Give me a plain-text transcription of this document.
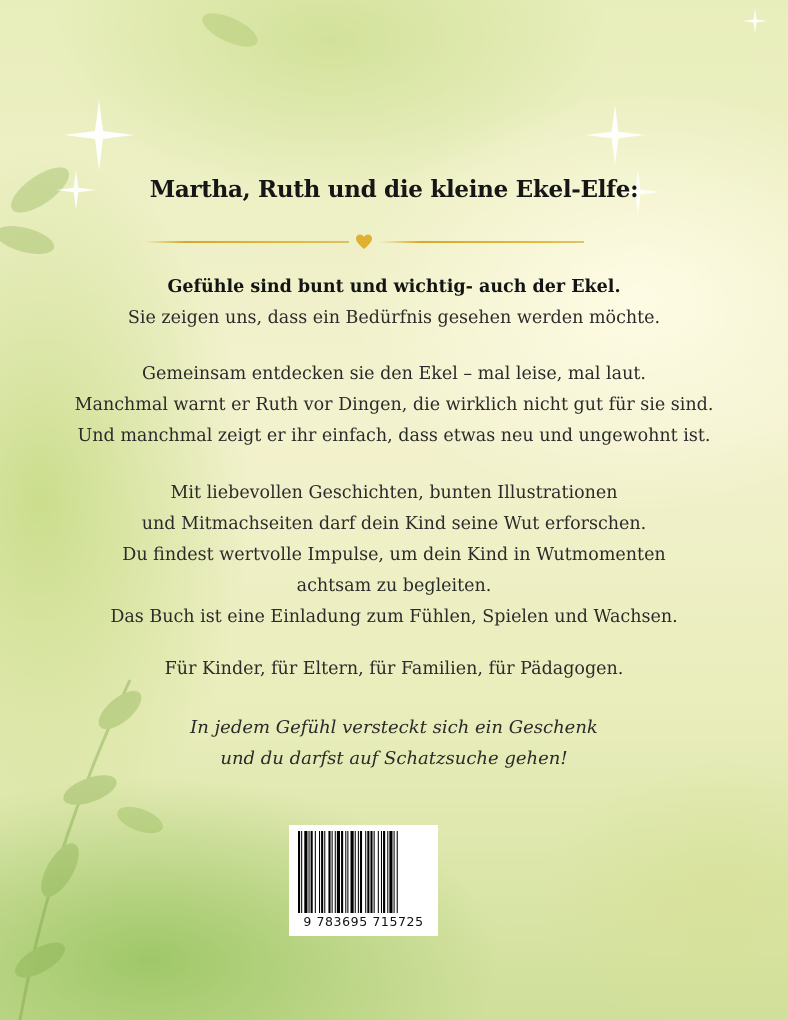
Martha, Ruth und die kleine Ekel-Elfe:
Gefühle sind bunt und wichtig- auch der Ekel.
Sie zeigen uns, dass ein Bedürfnis gesehen werden möchte.
Gemeinsam entdecken sie den Ekel – mal leise, mal laut.
Manchmal warnt er Ruth vor Dingen, die wirklich nicht gut für sie sind.
Und manchmal zeigt er ihr einfach, dass etwas neu und ungewohnt ist.
Mit liebevollen Geschichten, bunten Illustrationen
und Mitmachseiten darf dein Kind seine Wut erforschen.
Du findest wertvolle Impulse, um dein Kind in Wutmomenten
achtsam zu begleiten.
Das Buch ist eine Einladung zum Fühlen, Spielen und Wachsen.
Für Kinder, für Eltern, für Familien, für Pädagogen.
In jedem Gefühl versteckt sich ein Geschenk
und du darfst auf Schatzsuche gehen!
9 783695 715725
